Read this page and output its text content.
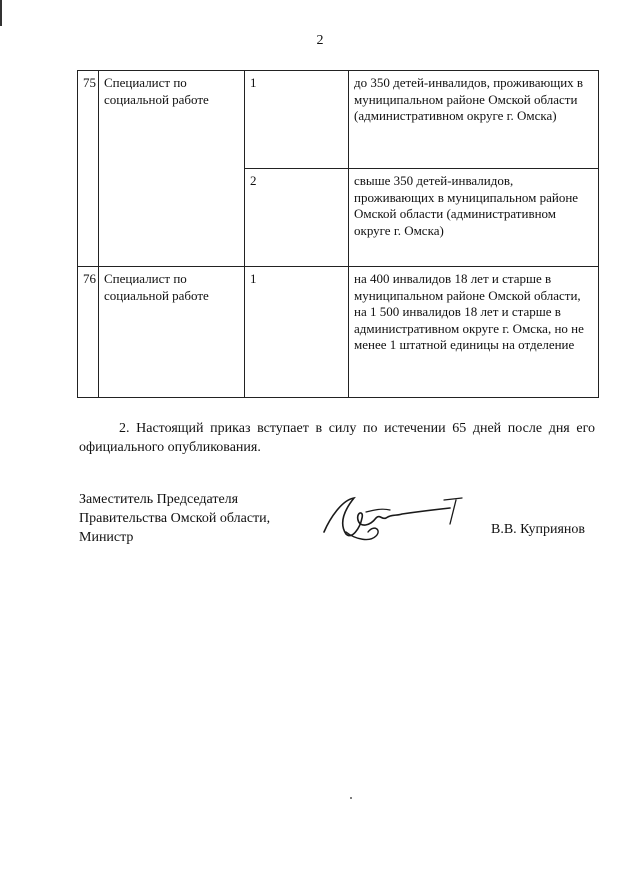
2
75	Специалист по социальной работе	1	до 350 детей-инвалидов, проживающих в муниципальном районе Омской области (административном округе г. Омска)
		2	свыше 350 детей-инвалидов, проживающих в муниципальном районе Омской области (административном округе г. Омска)
76	Специалист по социальной работе	1	на 400 инвалидов 18 лет и старше в муниципальном районе Омской области, на 1 500 инвалидов 18 лет и старше в административном округе г. Омска, но не менее 1 штатной единицы на отделение
2. Настоящий приказ вступает в силу по истечении 65 дней после дня его официального опубликования.
Заместитель Председателя
Правительства Омской области,
Министр
В.В. Куприянов
